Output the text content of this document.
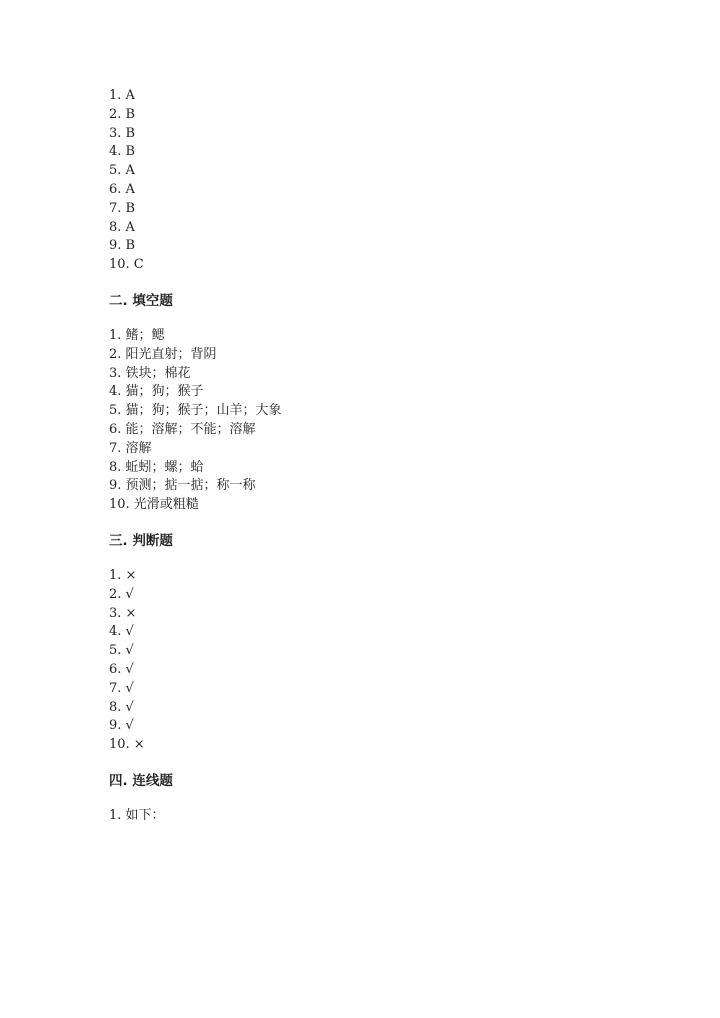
1. A
2. B
3. B
4. B
5. A
6. A
7. B
8. A
9. B
10. C
二. 填空题
1. 鳍；鳃
2. 阳光直射；背阴
3. 铁块；棉花
4. 猫；狗；猴子
5. 猫；狗；猴子；山羊；大象
6. 能；溶解；不能；溶解
7. 溶解
8. 蚯蚓；螺；蛤
9. 预测；掂一掂；称一称
10. 光滑或粗糙
三. 判断题
1. ×
2. √
3. ×
4. √
5. √
6. √
7. √
8. √
9. √
10. ×
四. 连线题
1. 如下：
